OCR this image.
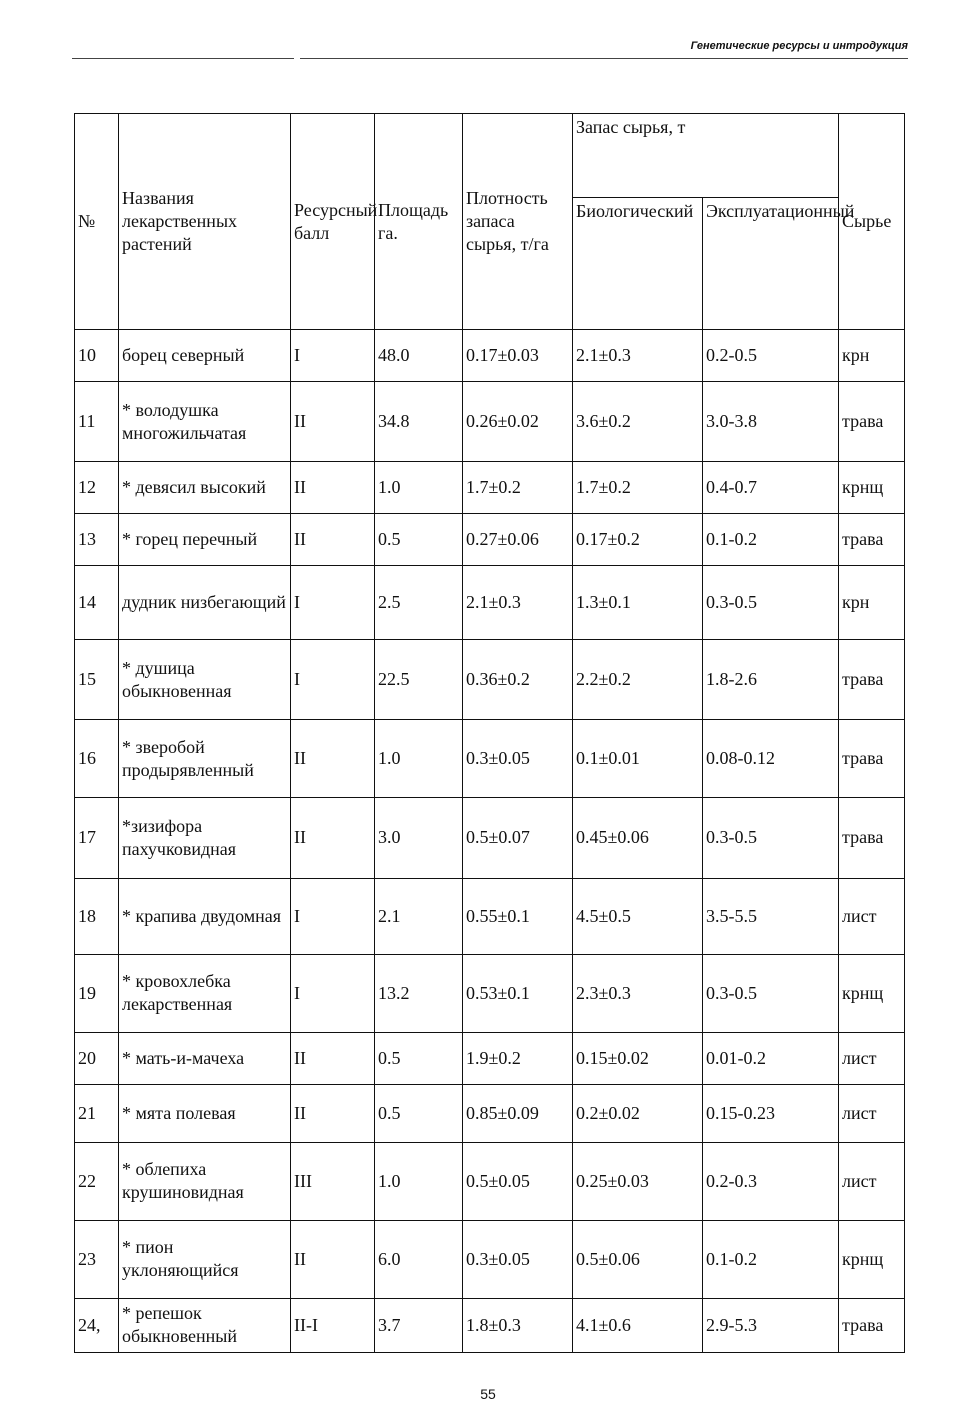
Генетические ресурсы и интродукция
№	Названия лекарственных растений	Ресурсный балл	Площадь га.	Плотность запаса сырья, т/га	Запас сырья, т		Сырье
					Биологический	Эксплуатационный	
10	борец северный	I	48.0	0.17±0.03	2.1±0.3	0.2-0.5	крн
11	* володушка многожильчатая	II	34.8	0.26±0.02	3.6±0.2	3.0-3.8	трава
12	* девясил высокий	II	1.0	1.7±0.2	1.7±0.2	0.4-0.7	крнщ
13	* горец перечный	II	0.5	0.27±0.06	0.17±0.2	0.1-0.2	трава
14	дудник низбегающий	I	2.5	2.1±0.3	1.3±0.1	0.3-0.5	крн
15	* душица обыкновенная	I	22.5	0.36±0.2	2.2±0.2	1.8-2.6	трава
16	* зверобой продырявленный	II	1.0	0.3±0.05	0.1±0.01	0.08-0.12	трава
17	*зизифора пахучковидная	II	3.0	0.5±0.07	0.45±0.06	0.3-0.5	трава
18	* крапива двудомная	I	2.1	0.55±0.1	4.5±0.5	3.5-5.5	лист
19	* кровохлебка лекарственная	I	13.2	0.53±0.1	2.3±0.3	0.3-0.5	крнщ
20	* мать-и-мачеха	II	0.5	1.9±0.2	0.15±0.02	0.01-0.2	лист
21	* мята полевая	II	0.5	0.85±0.09	0.2±0.02	0.15-0.23	лист
22	* облепиха крушиновидная	III	1.0	0.5±0.05	0.25±0.03	0.2-0.3	лист
23	* пион уклоняющийся	II	6.0	0.3±0.05	0.5±0.06	0.1-0.2	крнщ
24,	* репешок обыкновенный	II-I	3.7	1.8±0.3	4.1±0.6	2.9-5.3	трава
55
